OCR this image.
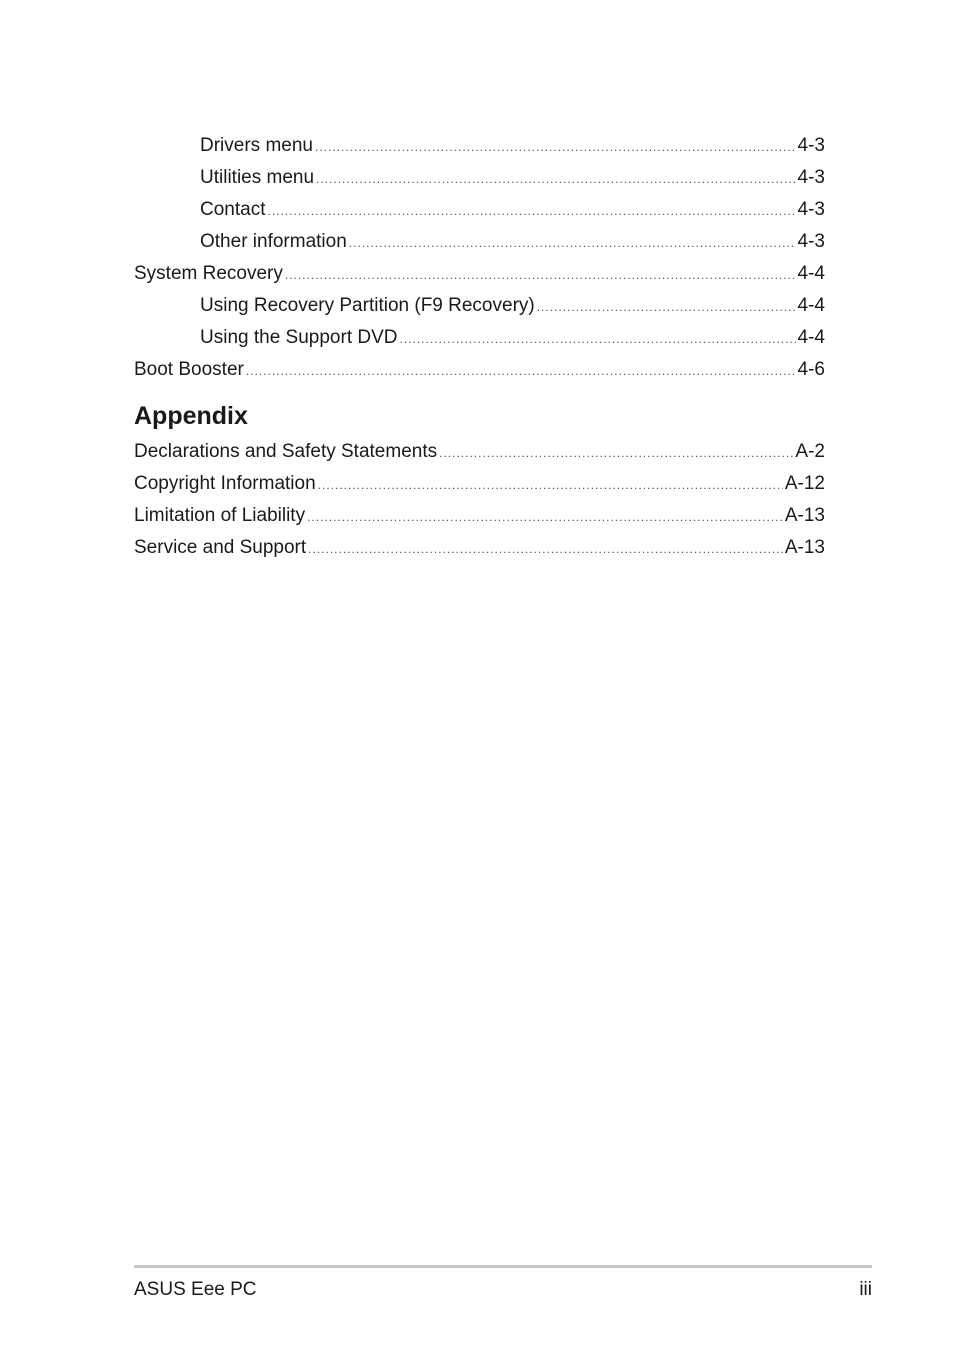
Drivers menu .....	4-3
Utilities menu .....	4-3
Contact .....	4-3
Other information .....	4-3
System Recovery .....	4-4
Using Recovery Partition (F9 Recovery) .....	4-4
Using the Support DVD .....	4-4
Boot Booster .....	4-6
Appendix
Declarations and Safety Statements .....	A-2
Copyright Information .....	A-12
Limitation of Liability .....	A-13
Service and Support .....	A-13
ASUS Eee PC	iii
